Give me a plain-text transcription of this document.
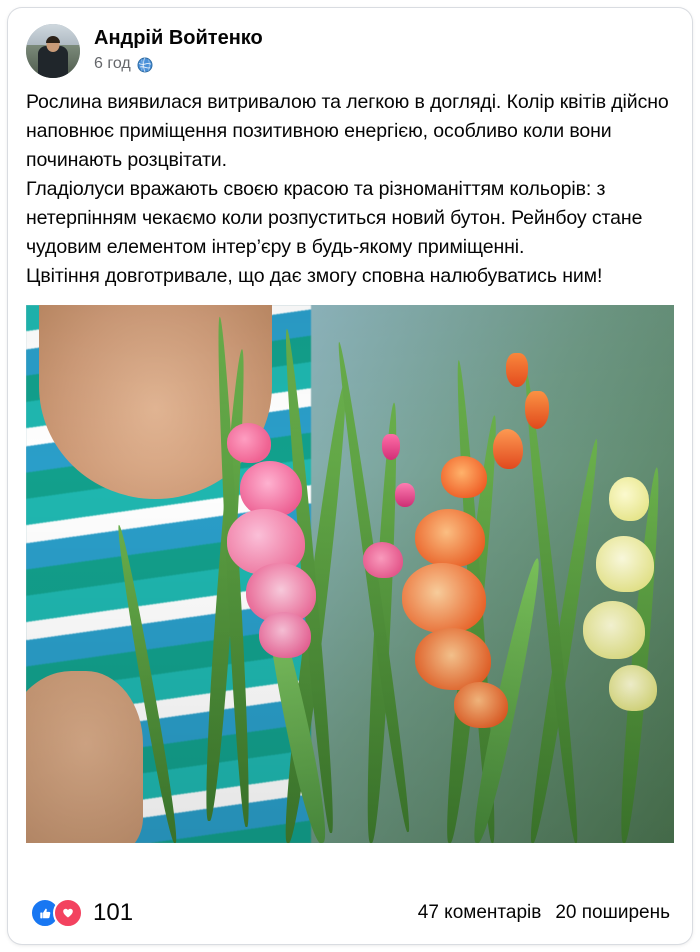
Андрій Войтенко
6 год

Рослина виявилася витривалою та легкою в догляді. Колір квітів дійсно наповнює приміщення позитивною енергією, особливо коли вони починають розцвітати.

Гладіолуси вражають своєю красою та різноманіттям кольорів: з нетерпінням чекаємо коли розпуститься новий бутон. Рейнбоу стане чудовим елементом інтер’єру в будь-якому приміщенні.

Цвітіння довготривале, що дає змогу сповна налюбуватись ним!

101	47 коментарів 20 поширень
